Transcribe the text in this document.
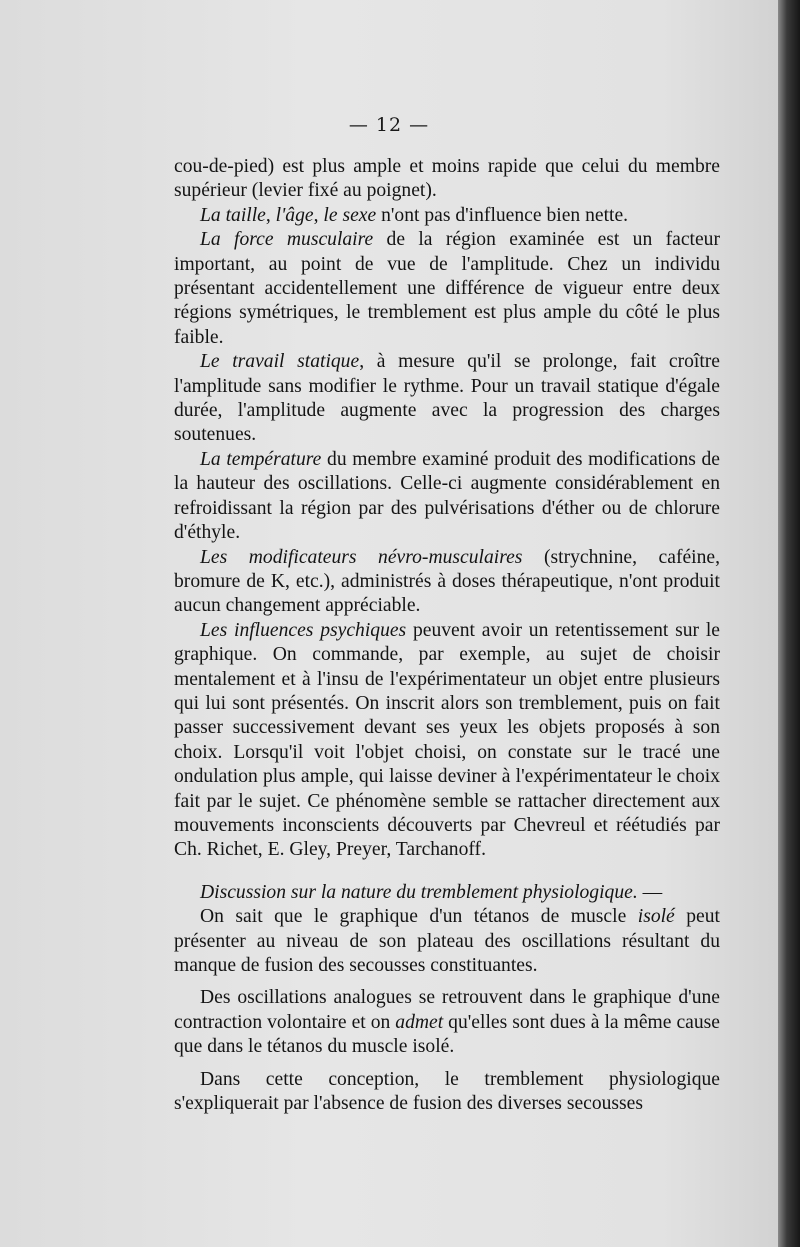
— 12 —

cou-de-pied) est plus ample et moins rapide que celui du membre supérieur (levier fixé au poignet).

La taille, l'âge, le sexe n'ont pas d'influence bien nette.

La force musculaire de la région examinée est un facteur important, au point de vue de l'amplitude. Chez un individu présentant accidentellement une différence de vigueur entre deux régions symétriques, le tremblement est plus ample du côté le plus faible.

Le travail statique, à mesure qu'il se prolonge, fait croître l'amplitude sans modifier le rythme. Pour un travail statique d'égale durée, l'amplitude augmente avec la progression des charges soutenues.

La température du membre examiné produit des modifications de la hauteur des oscillations. Celle-ci augmente considérablement en refroidissant la région par des pulvérisations d'éther ou de chlorure d'éthyle.

Les modificateurs névro-musculaires (strychnine, caféine, bromure de K, etc.), administrés à doses thérapeutique, n'ont produit aucun changement appréciable.

Les influences psychiques peuvent avoir un retentissement sur le graphique. On commande, par exemple, au sujet de choisir mentalement et à l'insu de l'expérimentateur un objet entre plusieurs qui lui sont présentés. On inscrit alors son tremblement, puis on fait passer successivement devant ses yeux les objets proposés à son choix. Lorsqu'il voit l'objet choisi, on constate sur le tracé une ondulation plus ample, qui laisse deviner à l'expérimentateur le choix fait par le sujet. Ce phénomène semble se rattacher directement aux mouvements inconscients découverts par Chevreul et réétudiés par Ch. Richet, E. Gley, Preyer, Tarchanoff.

Discussion sur la nature du tremblement physiologique. —

On sait que le graphique d'un tétanos de muscle isolé peut présenter au niveau de son plateau des oscillations résultant du manque de fusion des secousses constituantes.

Des oscillations analogues se retrouvent dans le graphique d'une contraction volontaire et on admet qu'elles sont dues à la même cause que dans le tétanos du muscle isolé.

Dans cette conception, le tremblement physiologique s'expliquerait par l'absence de fusion des diverses secousses
